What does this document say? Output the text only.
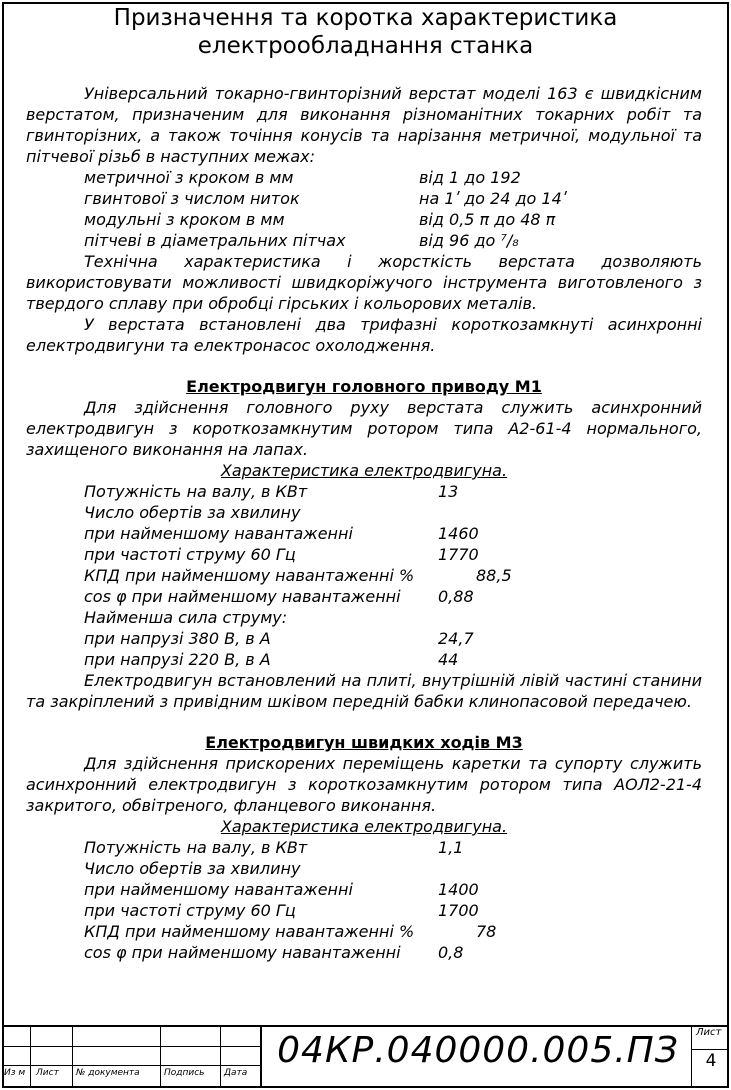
Призначення та коротка характеристика
електрообладнання станка

Універсальний токарно-гвинторізний верстат моделі 163 є швидкісним верстатом, призначеним для виконання різноманітних токарних робіт та гвинторізних, а також точіння конусів та нарізання метричної, модульної та пітчевої різьб в наступних межах:

метричної з кроком в мм	від 1 до 192
гвинтової з числом ниток	на 1ʹ до 24 до 14ʹ
модульні з кроком в мм	від 0,5 π до 48 π
пітчеві в діаметральних пітчах	від 96 до ⁷/₈

Технічна характеристика і жорсткість верстата дозволяють використовувати можливості швидкоріжучого інструмента виготовленого з твердого сплаву при обробці гірських і кольорових металів.

У верстата встановлені два трифазні короткозамкнуті асинхронні електродвигуни та електронасос охолодження.

Електродвигун головного приводу М1

Для здійснення головного руху верстата служить асинхронний електродвигун з короткозамкнутим ротором типа А2-61-4 нормального, захищеного виконання на лапах.

Характеристика електродвигуна.
Потужність на валу, в КВт	13
Число обертів за хвилину
при найменшому навантаженні	1460
при частоті струму 60 Гц	1770
КПД при найменшому навантаженні %	88,5
cos φ при найменшому навантаженні 0,88
Найменша сила струму:
при напрузі 380 В, в А	24,7
при напрузі 220 В, в А	44

Електродвигун встановлений на плиті, внутрішній лівій частині станини та закріплений з привідним шківом передній бабки клинопасовой передачею.

Електродвигун швидких ходів М3

Для здійснення прискорених переміщень каретки та супорту служить асинхронний електродвигун з короткозамкнутим ротором типа АОЛ2-21-4 закритого, обвітреного, фланцевого виконання.

Характеристика електродвигуна.
Потужність на валу, в КВт	1,1
Число обертів за хвилину
при найменшому навантаженні	1400
при частоті струму 60 Гц	1700
КПД при найменшому навантаженні %	78
cos φ при найменшому навантаженні 0,8
Из м	Лист № документа	Подпись Дата
04КР.040000.005.ПЗ	Лист
4
